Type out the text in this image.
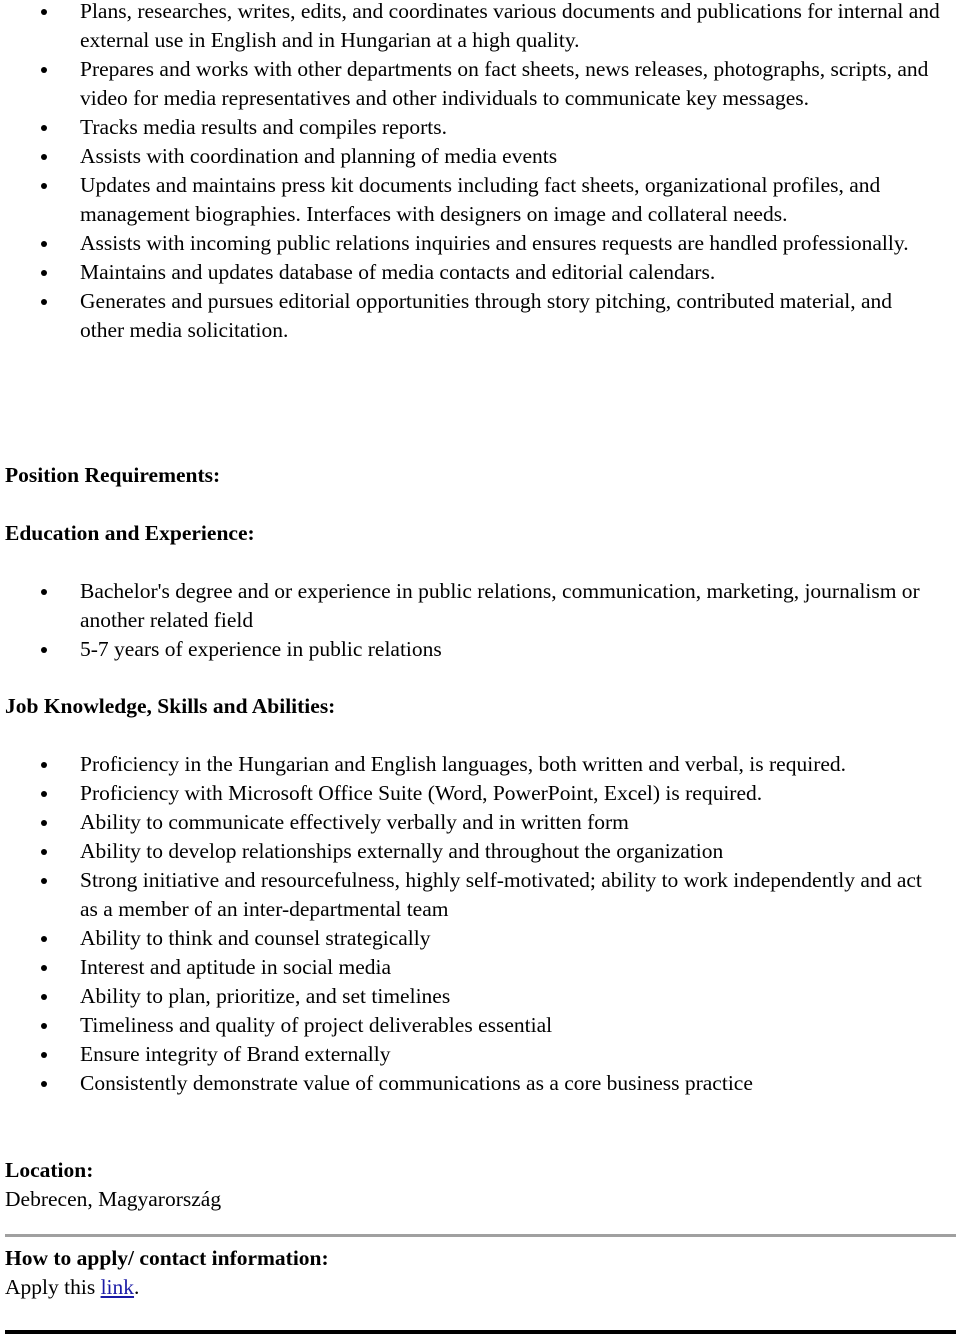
Plans, researches, writes, edits, and coordinates various documents and publications for internal and external use in English and in Hungarian at a high quality.
Prepares and works with other departments on fact sheets, news releases, photographs, scripts, and video for media representatives and other individuals to communicate key messages.
Tracks media results and compiles reports.
Assists with coordination and planning of media events
Updates and maintains press kit documents including fact sheets, organizational profiles, and management biographies. Interfaces with designers on image and collateral needs.
Assists with incoming public relations inquiries and ensures requests are handled professionally.
Maintains and updates database of media contacts and editorial calendars.
Generates and pursues editorial opportunities through story pitching, contributed material, and other media solicitation.
Position Requirements:
Education and Experience:
Bachelor's degree and or experience in public relations, communication, marketing, journalism or another related field
5-7 years of experience in public relations
Job Knowledge, Skills and Abilities:
Proficiency in the Hungarian and English languages, both written and verbal, is required.
Proficiency with Microsoft Office Suite (Word, PowerPoint, Excel) is required.
Ability to communicate effectively verbally and in written form
Ability to develop relationships externally and throughout the organization
Strong initiative and resourcefulness, highly self-motivated; ability to work independently and act as a member of an inter-departmental team
Ability to think and counsel strategically
Interest and aptitude in social media
Ability to plan, prioritize, and set timelines
Timeliness and quality of project deliverables essential
Ensure integrity of Brand externally
Consistently demonstrate value of communications as a core business practice
Location:

Debrecen, Magyarország

How to apply/ contact information:

Apply this link.
